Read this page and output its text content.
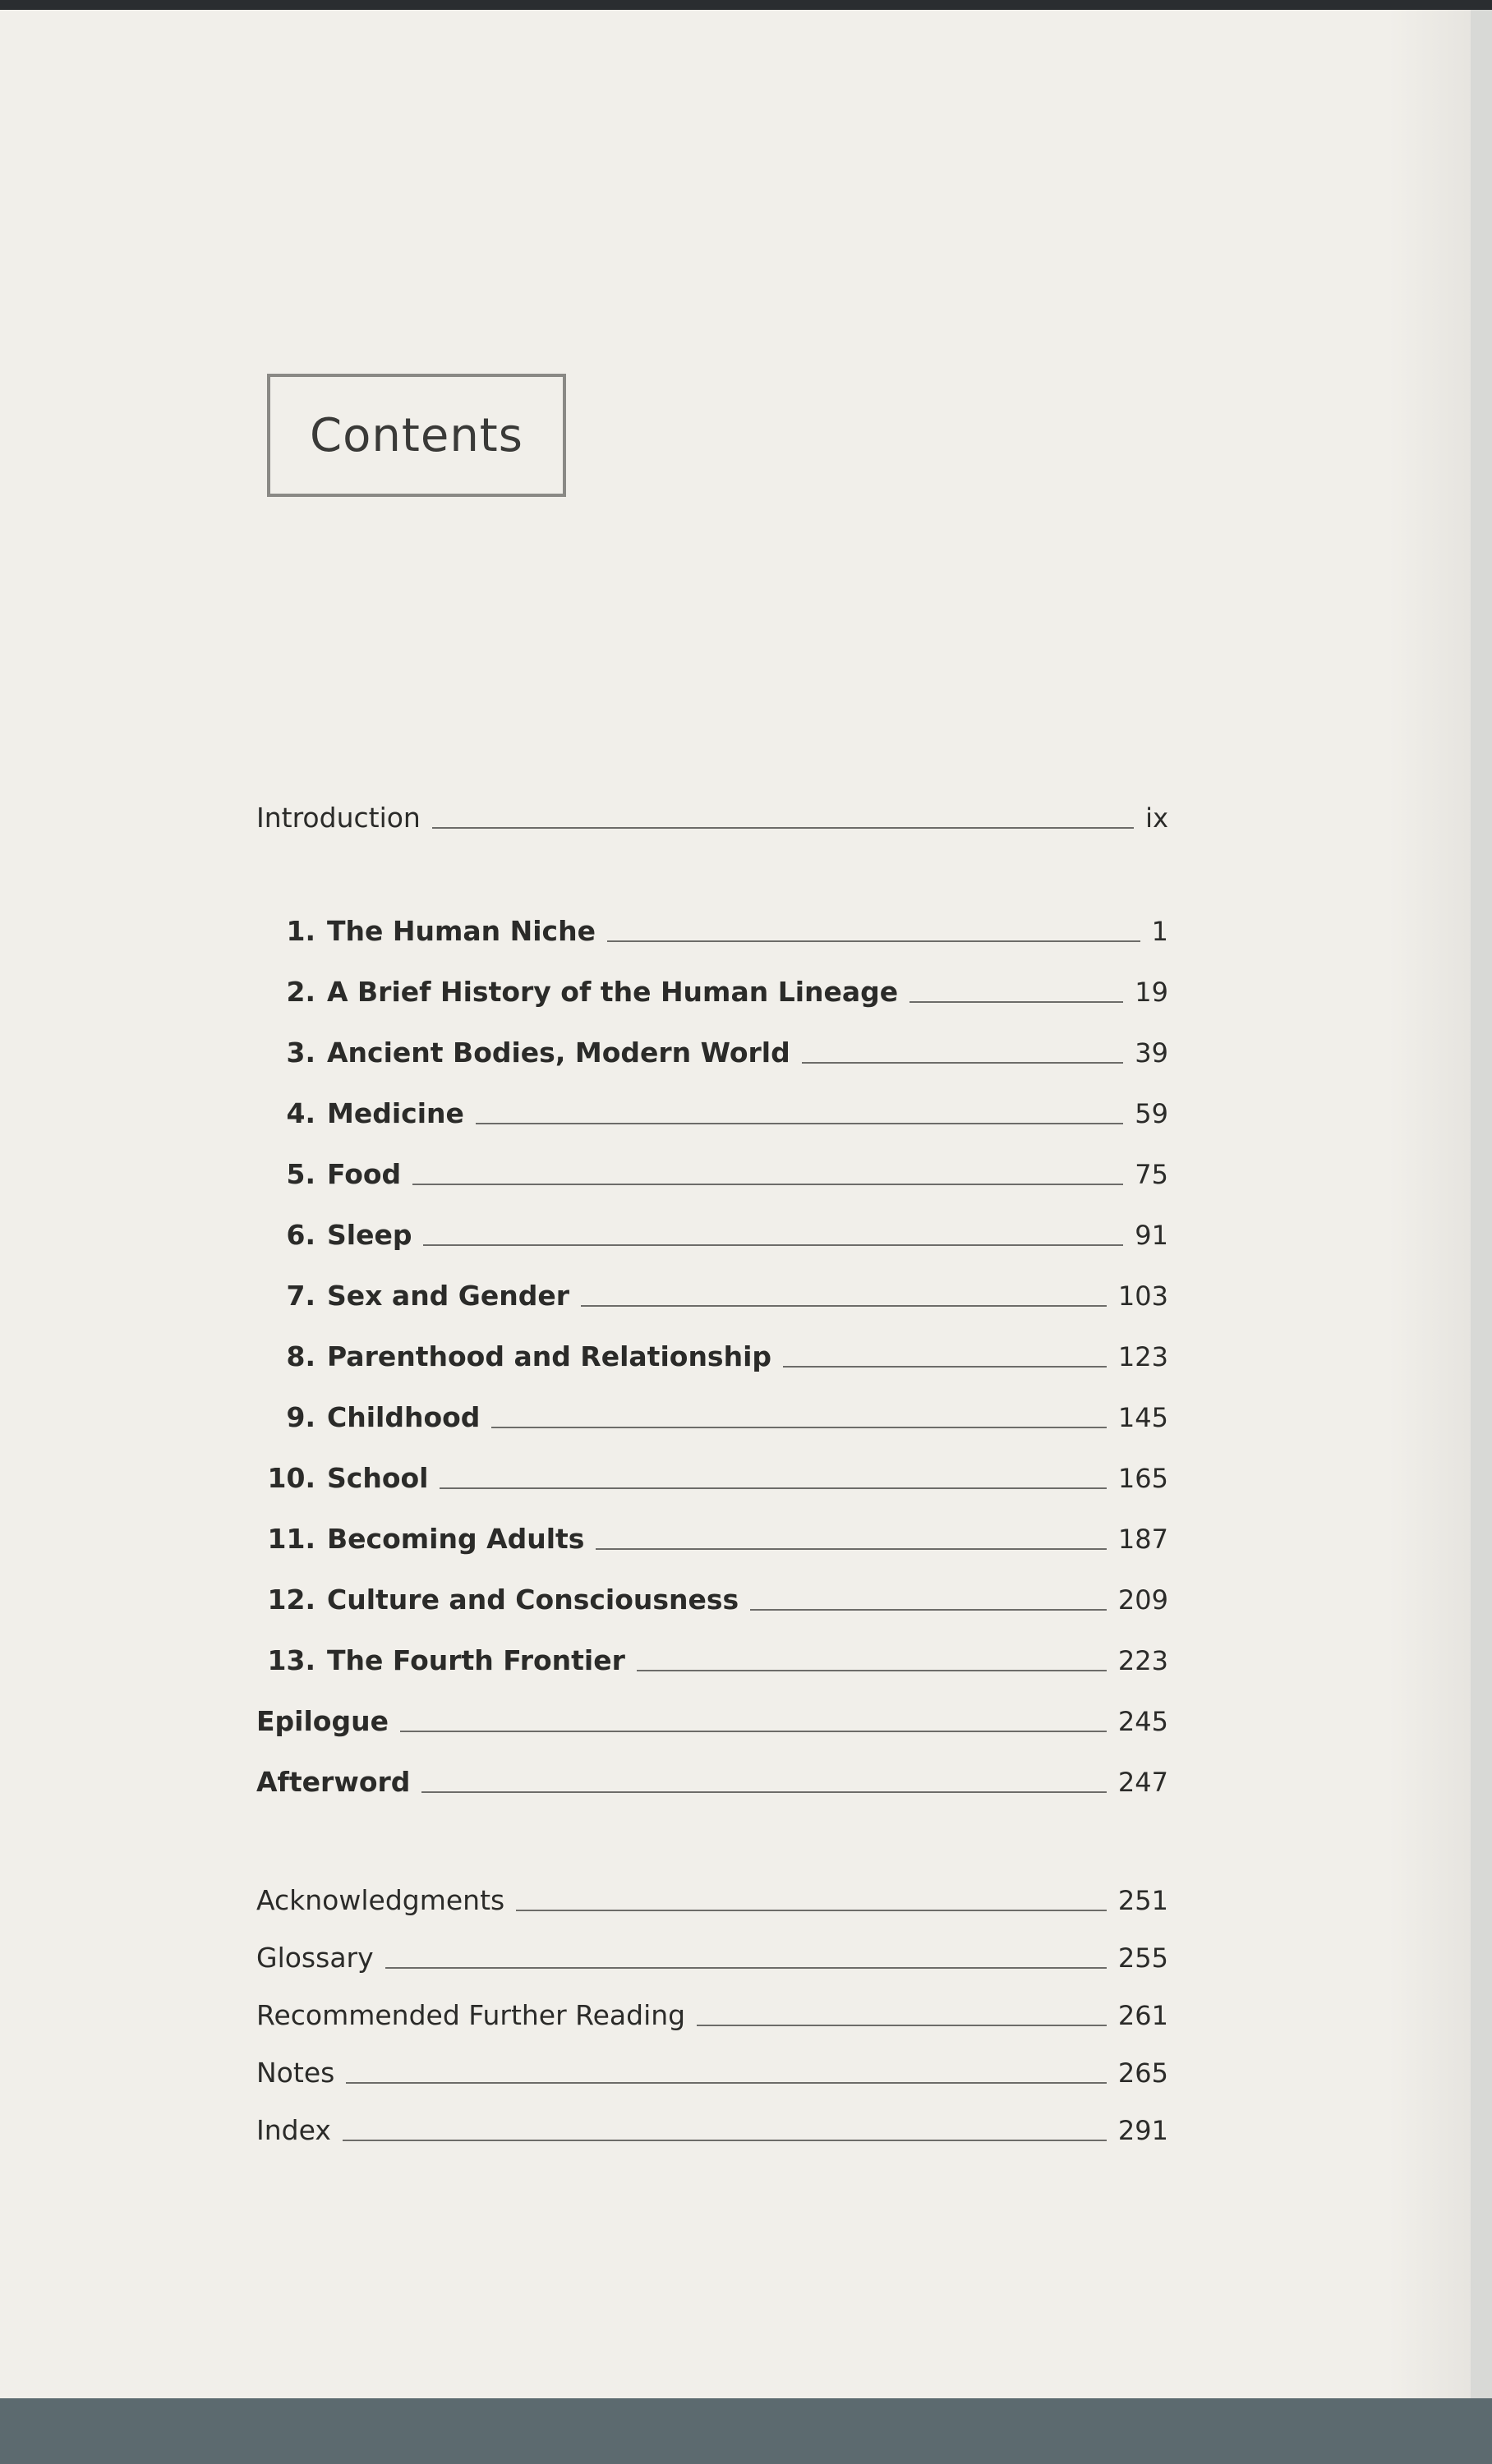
Contents
Introduction	ix
1. The Human Niche	1
2. A Brief History of the Human Lineage	19
3. Ancient Bodies, Modern World	39
4. Medicine	59
5. Food	75
6. Sleep	91
7. Sex and Gender	103
8. Parenthood and Relationship	123
9. Childhood	145
10. School	165
11. Becoming Adults	187
12. Culture and Consciousness	209
13. The Fourth Frontier	223
Epilogue	245
Afterword	247
Acknowledgments	251
Glossary	255
Recommended Further Reading	261
Notes	265
Index	291
